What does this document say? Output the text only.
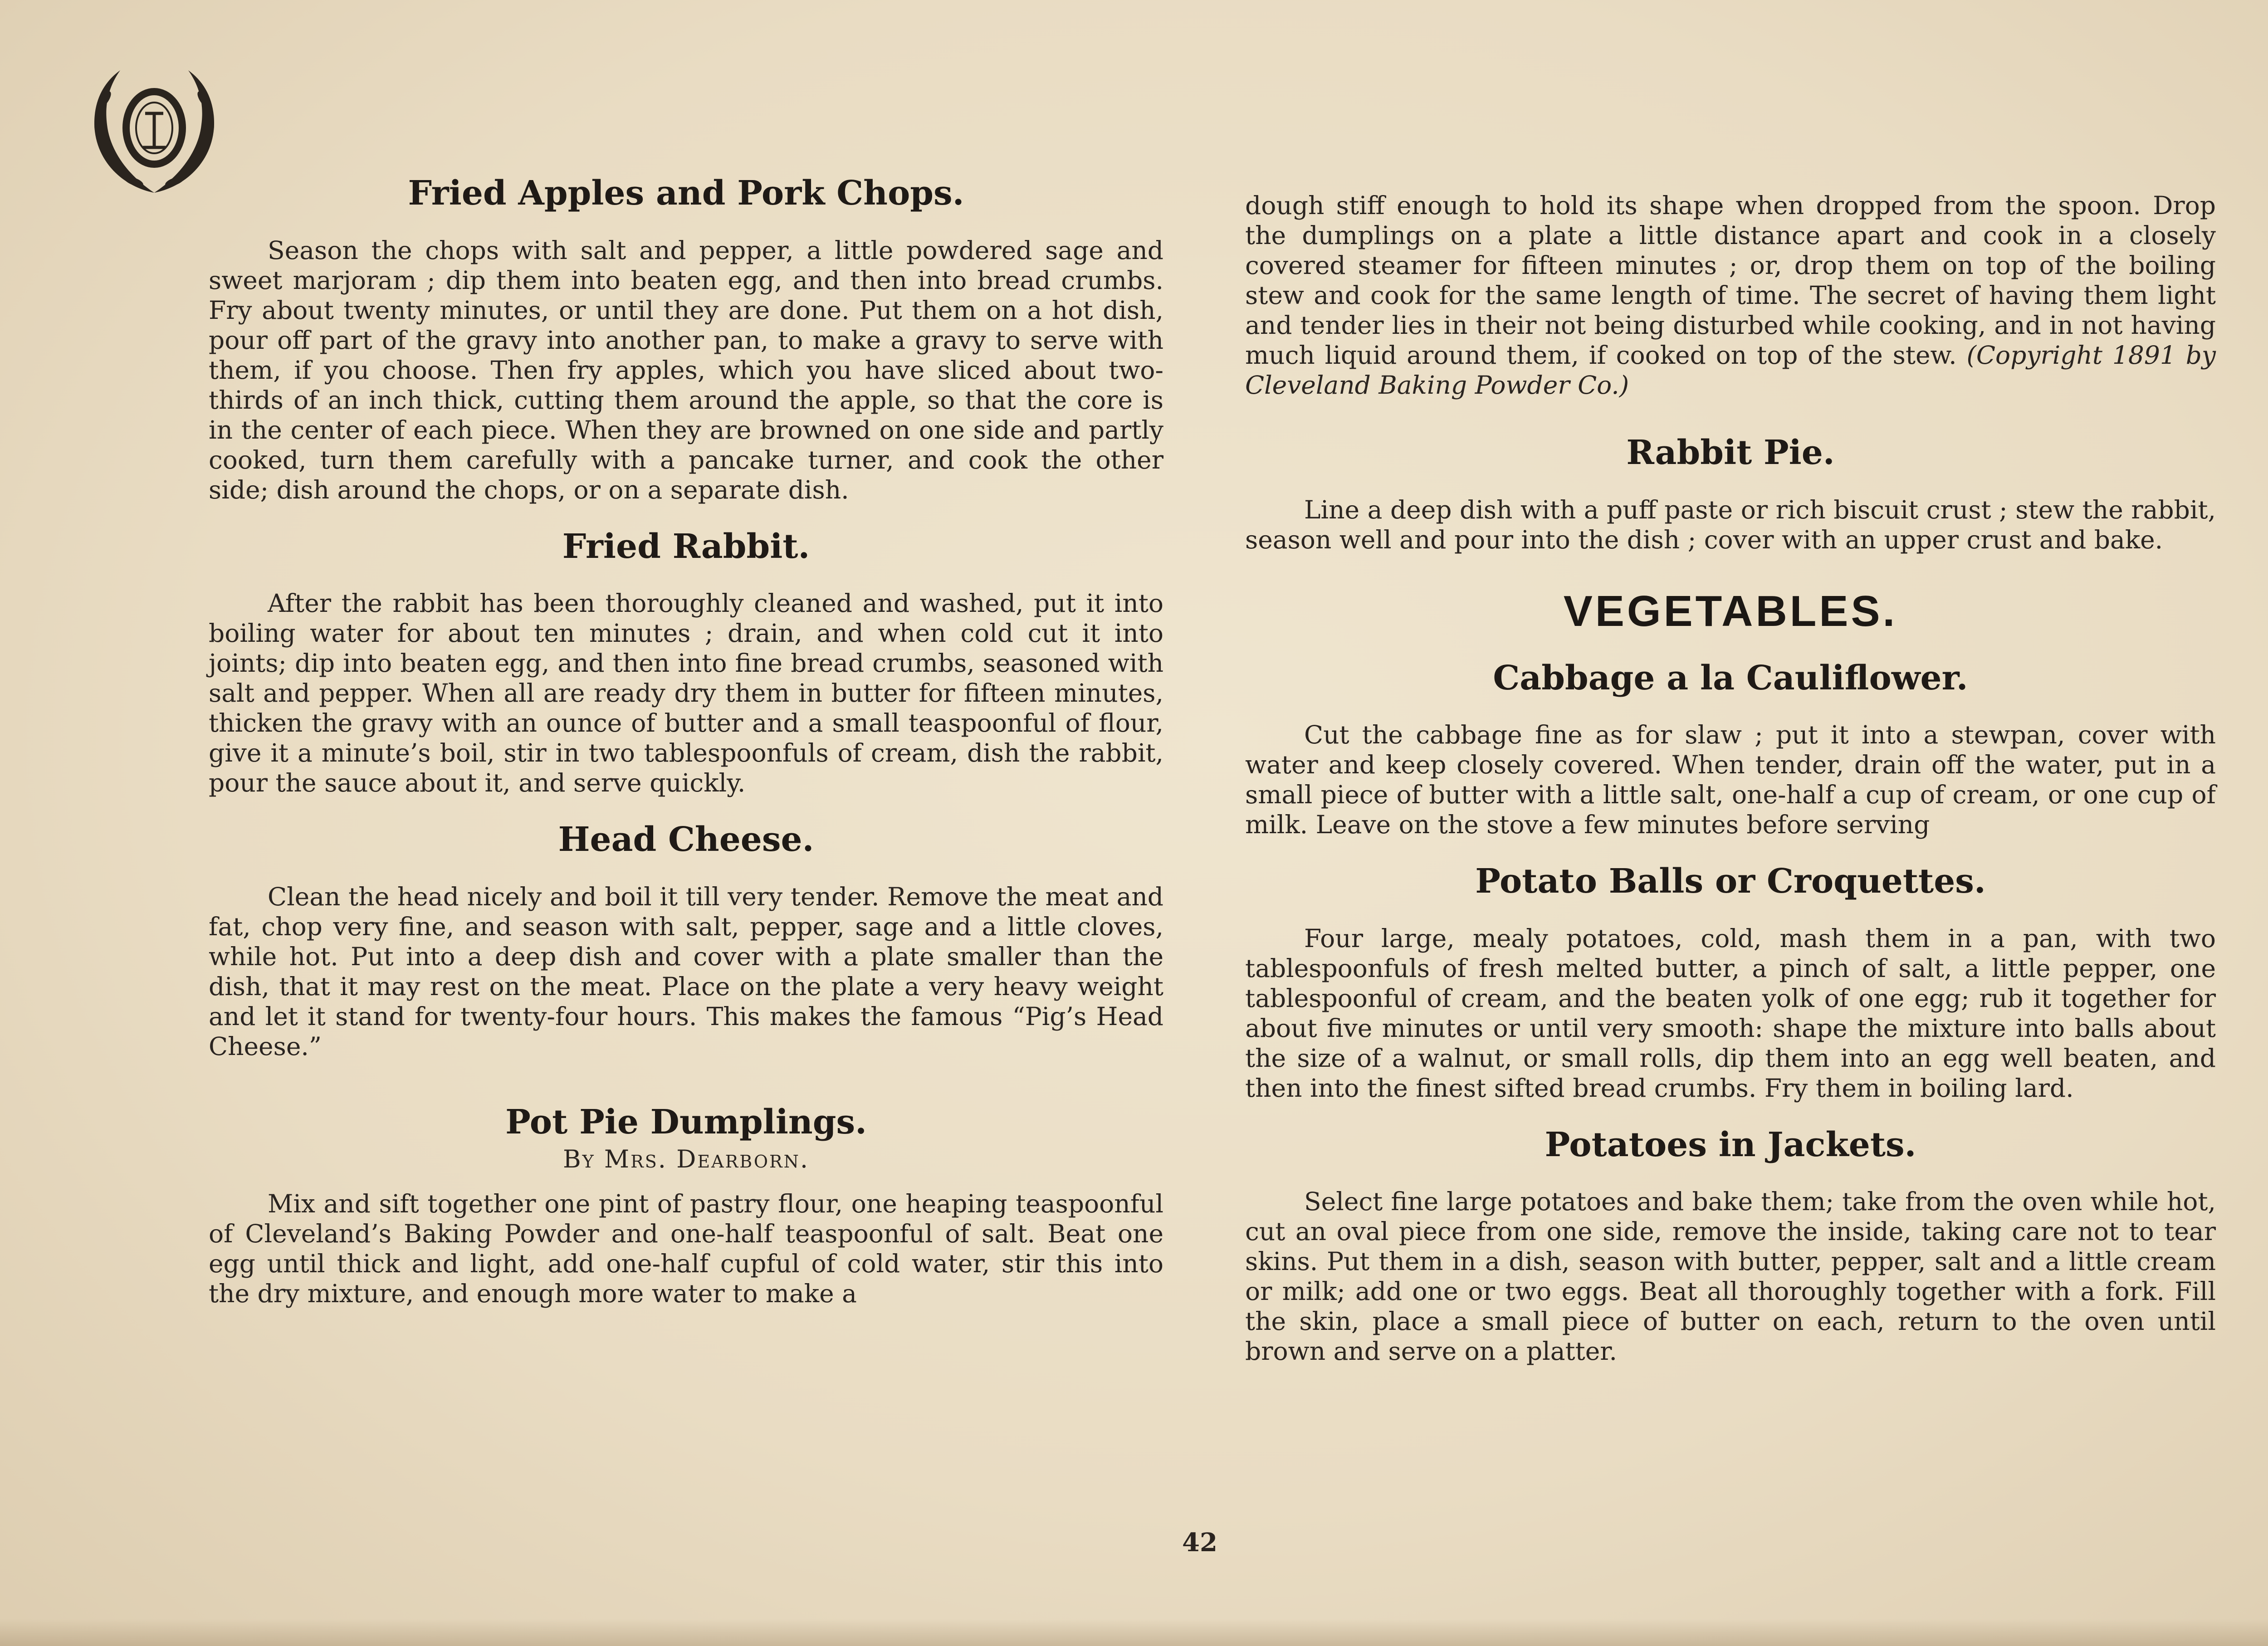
Fried Apples and Pork Chops.

Season the chops with salt and pepper, a little powdered sage and sweet marjoram ; dip them into beaten egg, and then into bread crumbs. Fry about twenty minutes, or until they are done. Put them on a hot dish, pour off part of the gravy into another pan, to make a gravy to serve with them, if you choose. Then fry apples, which you have sliced about two-thirds of an inch thick, cutting them around the apple, so that the core is in the center of each piece. When they are browned on one side and partly cooked, turn them carefully with a pancake turner, and cook the other side; dish around the chops, or on a separate dish.

Fried Rabbit.

After the rabbit has been thoroughly cleaned and washed, put it into boiling water for about ten minutes ; drain, and when cold cut it into joints; dip into beaten egg, and then into fine bread crumbs, seasoned with salt and pepper. When all are ready dry them in butter for fifteen minutes, thicken the gravy with an ounce of butter and a small teaspoonful of flour, give it a minute’s boil, stir in two tablespoonfuls of cream, dish the rabbit, pour the sauce about it, and serve quickly.

Head Cheese.

Clean the head nicely and boil it till very tender. Remove the meat and fat, chop very fine, and season with salt, pepper, sage and a little cloves, while hot. Put into a deep dish and cover with a plate smaller than the dish, that it may rest on the meat. Place on the plate a very heavy weight and let it stand for twenty-four hours. This makes the famous “Pig’s Head Cheese.”

Pot Pie Dumplings.
By Mrs. Dearborn.

Mix and sift together one pint of pastry flour, one heaping teaspoonful of Cleveland’s Baking Powder and one-half teaspoonful of salt. Beat one egg until thick and light, add one-half cupful of cold water, stir this into the dry mixture, and enough more water to make a

dough stiff enough to hold its shape when dropped from the spoon. Drop the dumplings on a plate a little distance apart and cook in a closely covered steamer for fifteen minutes ; or, drop them on top of the boiling stew and cook for the same length of time. The secret of having them light and tender lies in their not being disturbed while cooking, and in not having much liquid around them, if cooked on top of the stew. (Copyright 1891 by Cleveland Baking Powder Co.)

Rabbit Pie.

Line a deep dish with a puff paste or rich biscuit crust ; stew the rabbit, season well and pour into the dish ; cover with an upper crust and bake.

VEGETABLES.
Cabbage a la Cauliflower.

Cut the cabbage fine as for slaw ; put it into a stewpan, cover with water and keep closely covered. When tender, drain off the water, put in a small piece of butter with a little salt, one-half a cup of cream, or one cup of milk. Leave on the stove a few minutes before serving

Potato Balls or Croquettes.

Four large, mealy potatoes, cold, mash them in a pan, with two tablespoonfuls of fresh melted butter, a pinch of salt, a little pepper, one tablespoonful of cream, and the beaten yolk of one egg; rub it together for about five minutes or until very smooth: shape the mixture into balls about the size of a walnut, or small rolls, dip them into an egg well beaten, and then into the finest sifted bread crumbs. Fry them in boiling lard.

Potatoes in Jackets.

Select fine large potatoes and bake them; take from the oven while hot, cut an oval piece from one side, remove the inside, taking care not to tear skins. Put them in a dish, season with butter, pepper, salt and a little cream or milk; add one or two eggs. Beat all thoroughly together with a fork. Fill the skin, place a small piece of butter on each, return to the oven until brown and serve on a platter.

42
